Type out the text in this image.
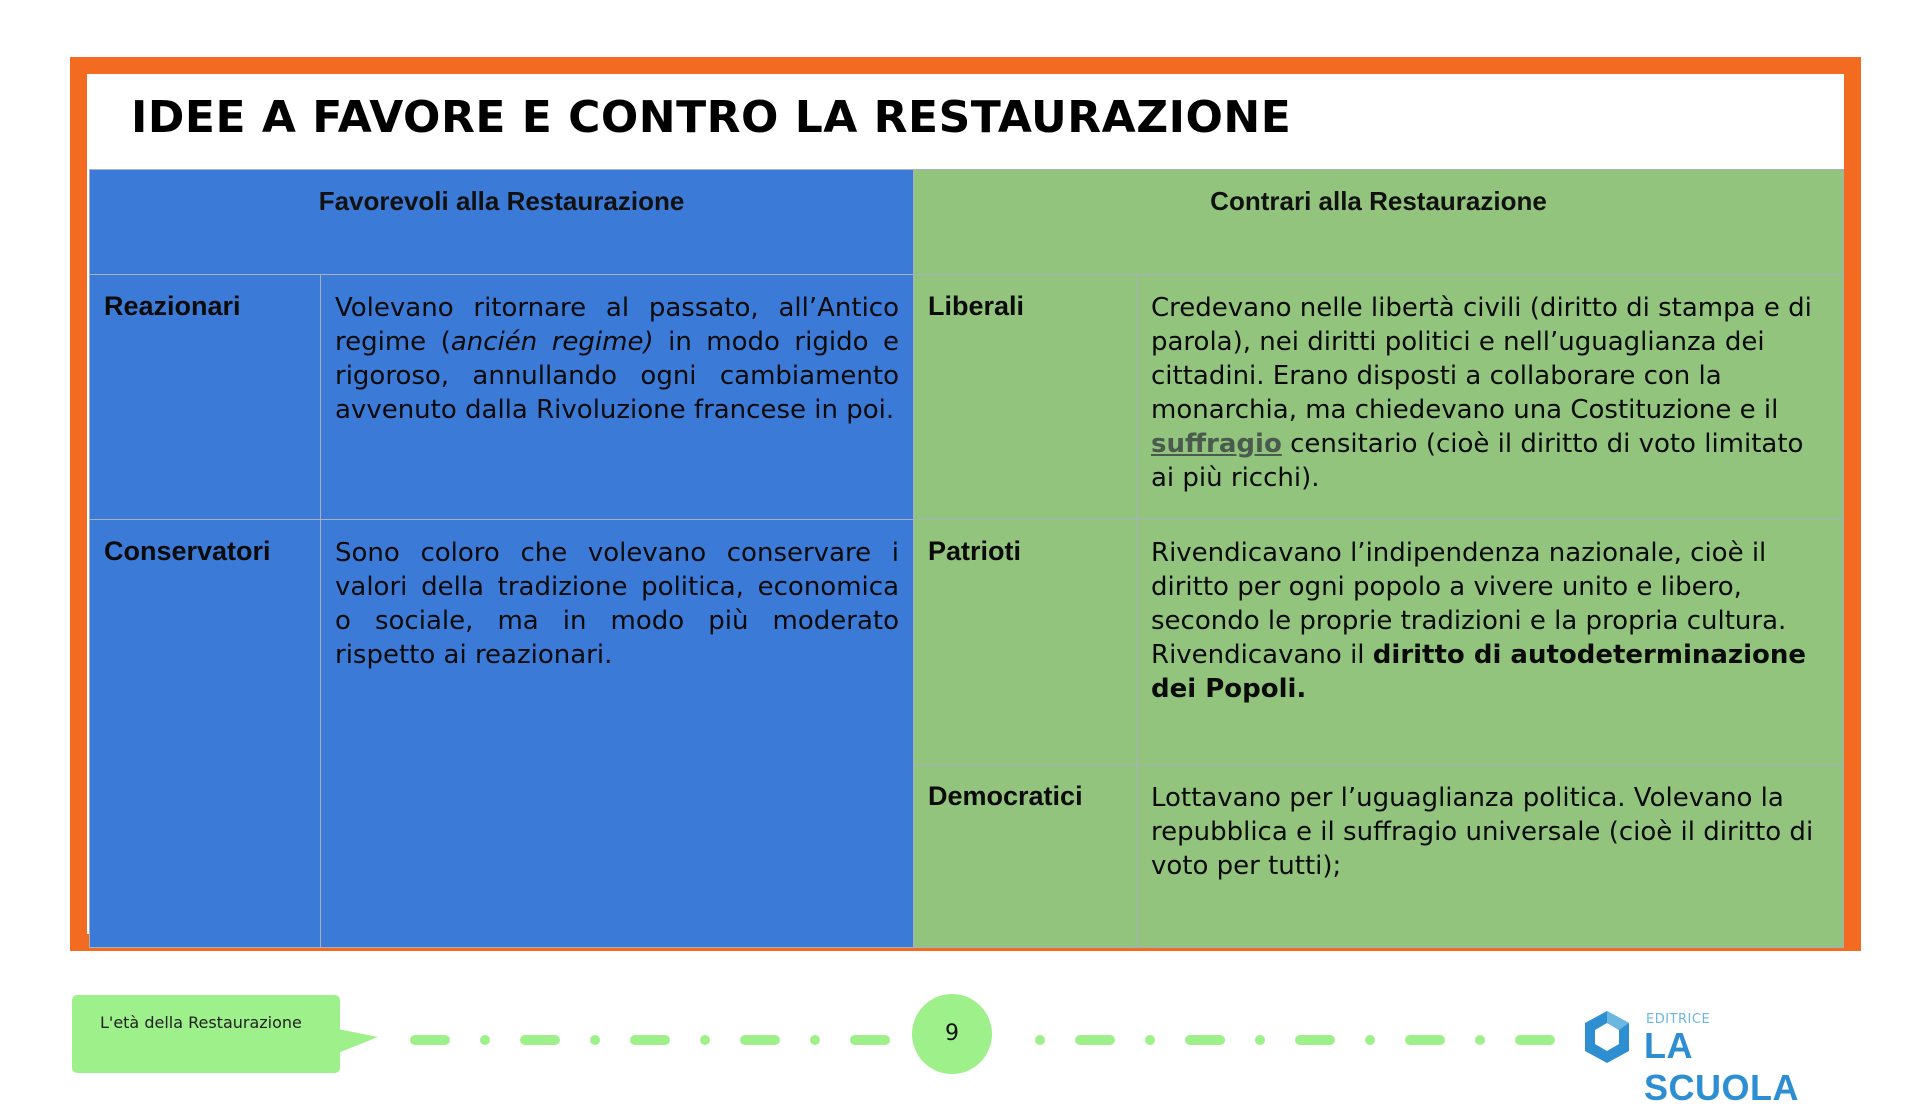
IDEE A FAVORE E CONTRO LA RESTAURAZIONE
Favorevoli alla Restaurazione		Contrari alla Restaurazione	
Reazionari	Volevano ritornare al passato, all’Antico regime (ancién regime) in modo rigido e rigoroso, annullando ogni cambiamento avvenuto dalla Rivoluzione francese in poi.	Liberali	Credevano nelle libertà civili (diritto di stampa e di parola), nei diritti politici e nell’uguaglianza dei cittadini. Erano disposti a collaborare con la monarchia, ma chiedevano una Costituzione e il suffragio censitario (cioè il diritto di voto limitato ai più ricchi).
Conservatori	Sono coloro che volevano conservare i valori della tradizione politica, economica o sociale, ma in modo più moderato rispetto ai reazionari.	Patrioti	Rivendicavano l’indipendenza nazionale, cioè il diritto per ogni popolo a vivere unito e libero, secondo le proprie tradizioni e la propria cultura. Rivendicavano il diritto di autodeterminazione dei Popoli.
		Democratici	Lottavano per l’uguaglianza politica. Volevano la repubblica e il suffragio universale (cioè il diritto di voto per tutti);
L'età della Restaurazione	9
EDITRICE
LA SCUOLA
